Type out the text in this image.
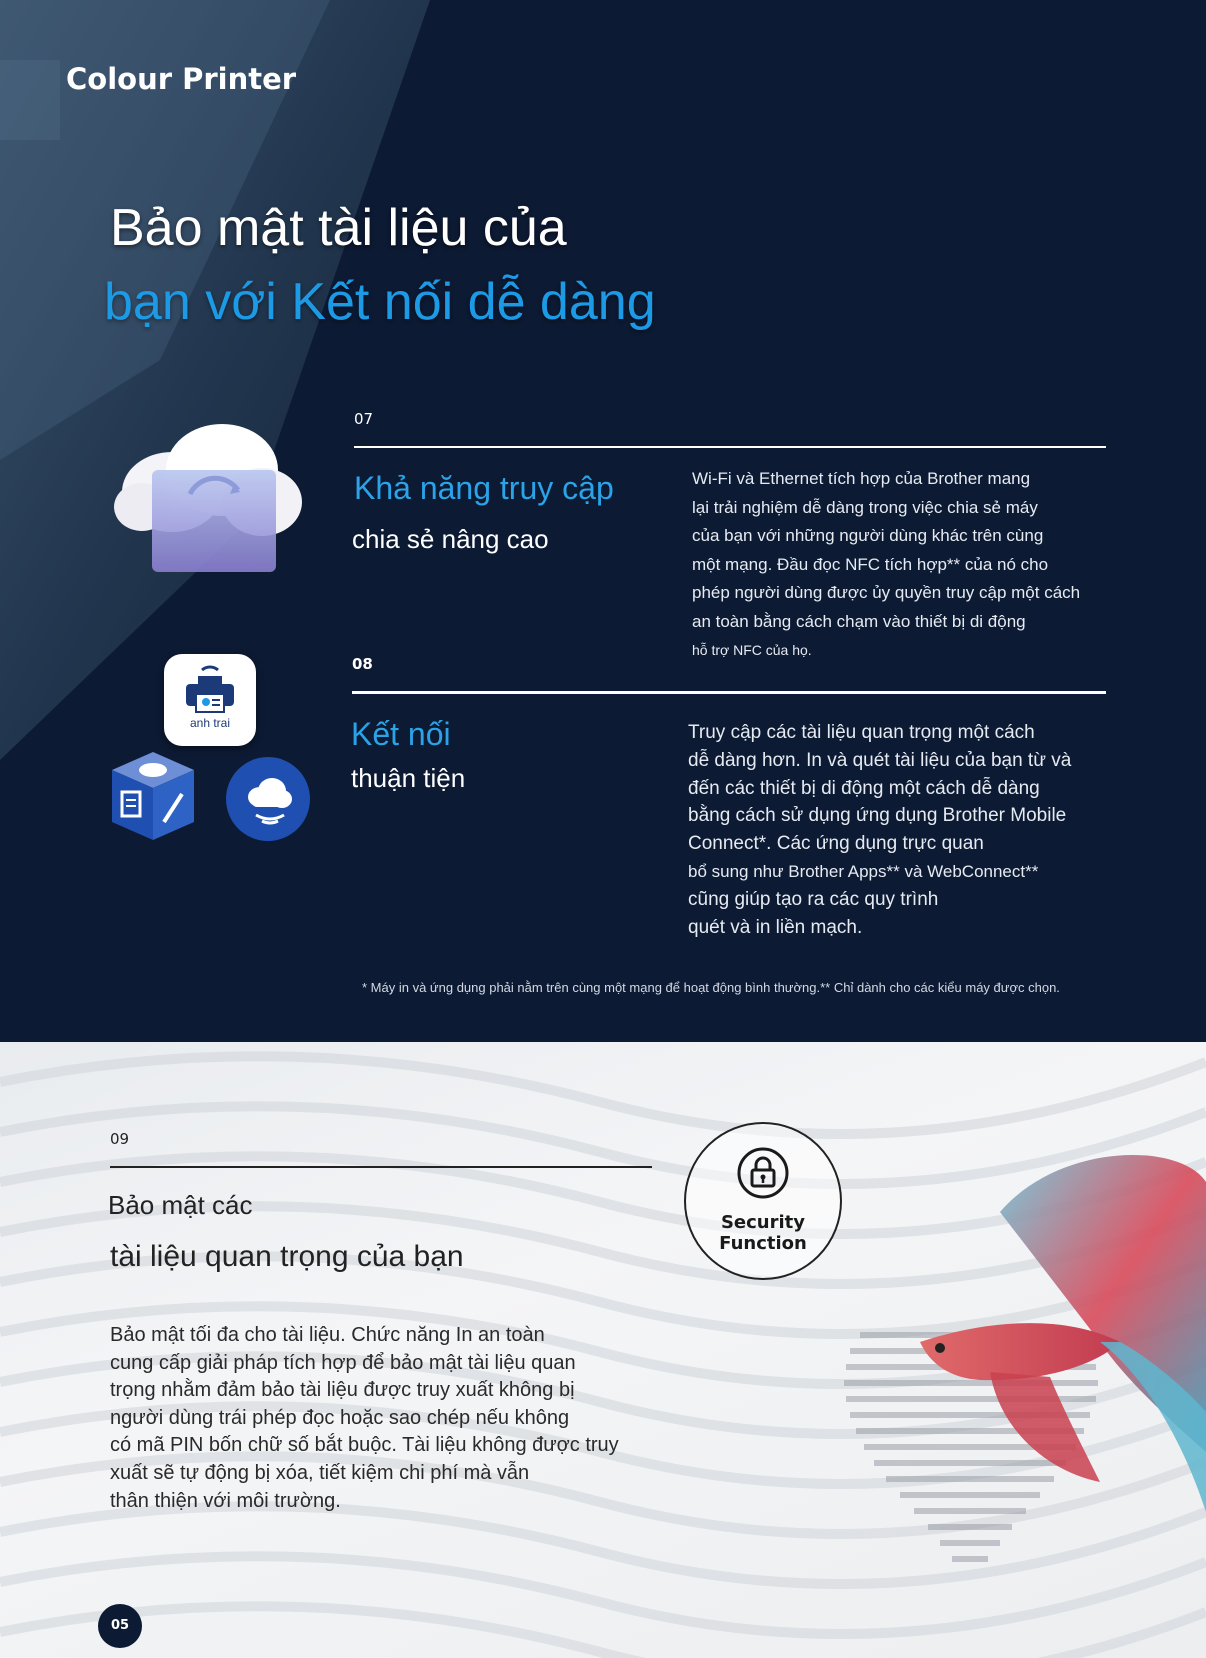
Colour Printer
Bảo mật tài liệu của
bạn với Kết nối dễ dàng
07
Khả năng truy cập
chia sẻ nâng cao
Wi-Fi và Ethernet tích hợp của Brother mang
lại trải nghiệm dễ dàng trong việc chia sẻ máy
của bạn với những người dùng khác trên cùng
một mạng. Đầu đọc NFC tích hợp** của nó cho
phép người dùng được ủy quyền truy cập một cách
an toàn bằng cách chạm vào thiết bị di động
hỗ trợ NFC của họ.
anh trai
08
Kết nối
thuận tiện
Truy cập các tài liệu quan trọng một cách
dễ dàng hơn. In và quét tài liệu của bạn từ và
đến các thiết bị di động một cách dễ dàng
bằng cách sử dụng ứng dụng Brother Mobile
Connect*. Các ứng dụng trực quan
bổ sung như Brother Apps** và WebConnect**
cũng giúp tạo ra các quy trình
quét và in liền mạch.
* Máy in và ứng dụng phải nằm trên cùng một mạng để hoạt động bình thường.** Chỉ dành cho các kiểu máy được chọn.
09
Bảo mật các
tài liệu quan trọng của bạn
Bảo mật tối đa cho tài liệu. Chức năng In an toàn
cung cấp giải pháp tích hợp để bảo mật tài liệu quan
trọng nhằm đảm bảo tài liệu được truy xuất không bị
người dùng trái phép đọc hoặc sao chép nếu không
có mã PIN bốn chữ số bắt buộc. Tài liệu không được truy
xuất sẽ tự động bị xóa, tiết kiệm chi phí mà vẫn
thân thiện với môi trường.
Security
Function
05
